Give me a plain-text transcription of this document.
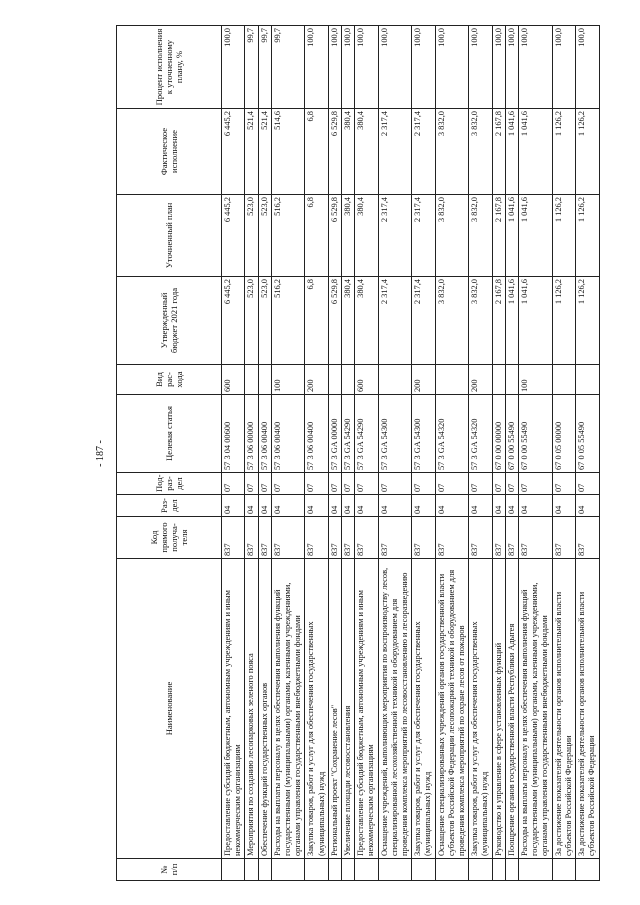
- 187 -
№ п/п	Наименование	Код прямого получа-теля	Раз-дел	Под-раз-дел	Целевая статья	Вид рас-хода	Утвержденный бюджет 2021 года	Уточненный план	Фактическое исполнение	Процент исполнения к уточненному плану, %
	Предоставление субсидий бюджетным, автономным учреждениям и иным некоммерческим организациям	837	04	07	57 3 04 00600	600	6 445,2	6 445,2	6 445,2	100,0
	Мероприятия по созданию лесопарковых зеленого пояса	837	04	07	57 3 06 00000		523,0	523,0	521,4	99,7
	Обеспечение функций государственных органов	837	04	07	57 3 06 00400		523,0	523,0	521,4	99,7
	Расходы на выплаты персоналу в целях обеспечения выполнения функций государственными (муниципальными) органами, казенными учреждениями, органами управления государственными внебюджетными фондами	837	04	07	57 3 06 00400	100	516,2	516,2	514,6	99,7
	Закупка товаров, работ и услуг для обеспечения государственных (муниципальных) нужд	837	04	07	57 3 06 00400	200	6,8	6,8	6,8	100,0
	Региональный проект "Сохранение лесов"	837	04	07	57 3 GA 00000		6 529,8	6 529,8	6 529,8	100,0
	Увеличение площади лесовосстановления	837	04	07	57 3 GA 54290		380,4	380,4	380,4	100,0
	Предоставление субсидий бюджетным, автономным учреждениям и иным некоммерческим организациям	837	04	07	57 3 GA 54290	600	380,4	380,4	380,4	100,0
	Оснащение учреждений, выполняющих мероприятия по воспроизводству лесов, специализированной лесохозяйственной техникой и оборудованием для проведения комплекса мероприятий по лесовосстановлению и лесоразведению	837	04	07	57 3 GA 54300		2 317,4	2 317,4	2 317,4	100,0
	Закупка товаров, работ и услуг для обеспечения государственных (муниципальных) нужд	837	04	07	57 3 GA 54300	200	2 317,4	2 317,4	2 317,4	100,0
	Оснащение специализированных учреждений органов государственной власти субъектов Российской Федерации лесопожарной техникой и оборудованием для проведения комплекса мероприятий по охране лесов от пожаров	837	04	07	57 3 GA 54320		3 832,0	3 832,0	3 832,0	100,0
	Закупка товаров, работ и услуг для обеспечения государственных (муниципальных) нужд	837	04	07	57 3 GA 54320	200	3 832,0	3 832,0	3 832,0	100,0
	Руководство и управление в сфере установленных функций	837	04	07	67 0 00 00000		2 167,8	2 167,8	2 167,8	100,0
	Поощрение органов государственной власти Республики Адыгея	837	04	07	67 0 00 55490		1 041,6	1 041,6	1 041,6	100,0
	Расходы на выплаты персоналу в целях обеспечения выполнения функций государственными (муниципальными) органами, казенными учреждениями, органами управления государственными внебюджетными фондами	837	04	07	67 0 00 55490	100	1 041,6	1 041,6	1 041,6	100,0
	За достижение показателей деятельности органов исполнительной власти субъектов Российской Федерации	837	04	07	67 0 05 00000		1 126,2	1 126,2	1 126,2	100,0
	За достижение показателей деятельности органов исполнительной власти субъектов Российской Федерации	837	04	07	67 0 05 55490		1 126,2	1 126,2	1 126,2	100,0
